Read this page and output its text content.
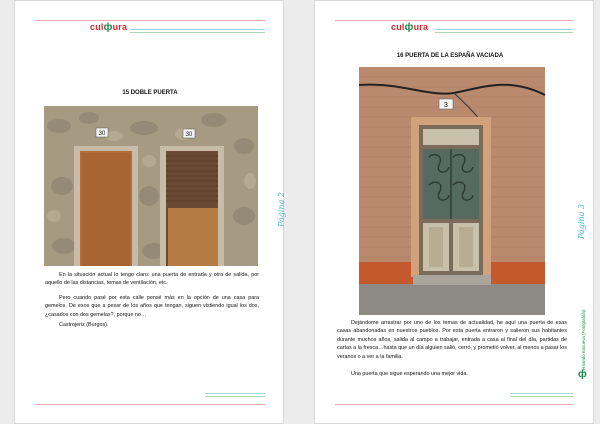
culфura
15 DOBLE PUERTA
30	30
En la situación actual lo tengo claro: una puerta de entrada y otra de salida, por aquello de las distancias, temas de ventilación, etc.
Pero cuando pasé por esta calle pensé más en la opción de una casa para gemelos. De esos que a pesar de los años que tengan, siguen vistiendo igual los dos, ¿casados con dos gemelas?, porque no…
Castrojeriz (Burgos).
Página 2
culфura
16 PUERTA DE LA ESPAÑA VACIADA
3
Dejándome arrastrar por uno de los temas de actualidad, he aquí una puerta de esas casas abandonadas en nuestros pueblos. Por esta puerta entraron y salieron sus habitantes durante muchos años, salida al campo a trabajar, entrada a casa al final del día, partidas de cartas a la fresca…hasta que un día alguien salió, cerró, y prometió volver, al menos a pasar los veranos o a ver a la familia.
Una puerta que sigue esperando una mejor vida.
Página 3
Fernando Escueva (Fotógrafo/a)
ф
